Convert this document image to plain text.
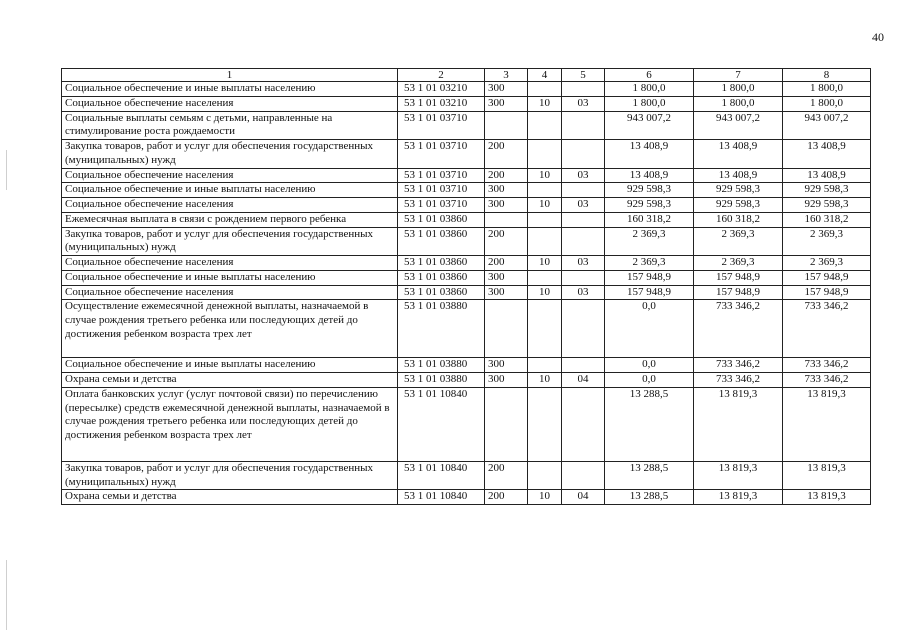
40
1	2	3	4	5	6	7	8
Социальное обеспечение и иные выплаты населению	53 1 01 03210	300			1 800,0	1 800,0	1 800,0
Социальное обеспечение населения	53 1 01 03210	300	10	03	1 800,0	1 800,0	1 800,0
Социальные выплаты семьям с детьми, направленные на стимулирование роста рождаемости	53 1 01 03710				943 007,2	943 007,2	943 007,2
Закупка товаров, работ и услуг для обеспечения государственных (муниципальных) нужд	53 1 01 03710	200			13 408,9	13 408,9	13 408,9
Социальное обеспечение населения	53 1 01 03710	200	10	03	13 408,9	13 408,9	13 408,9
Социальное обеспечение и иные выплаты населению	53 1 01 03710	300			929 598,3	929 598,3	929 598,3
Социальное обеспечение населения	53 1 01 03710	300	10	03	929 598,3	929 598,3	929 598,3
Ежемесячная выплата в связи с рождением первого ребенка	53 1 01 03860				160 318,2	160 318,2	160 318,2
Закупка товаров, работ и услуг для обеспечения государственных (муниципальных) нужд	53 1 01 03860	200			2 369,3	2 369,3	2 369,3
Социальное обеспечение населения	53 1 01 03860	200	10	03	2 369,3	2 369,3	2 369,3
Социальное обеспечение и иные выплаты населению	53 1 01 03860	300			157 948,9	157 948,9	157 948,9
Социальное обеспечение населения	53 1 01 03860	300	10	03	157 948,9	157 948,9	157 948,9
Осуществление ежемесячной денежной выплаты, назначаемой в случае рождения третьего ребенка или последующих детей до достижения ребенком возраста трех лет	53 1 01 03880				0,0	733 346,2	733 346,2
Социальное обеспечение и иные выплаты населению	53 1 01 03880	300			0,0	733 346,2	733 346,2
Охрана семьи и детства	53 1 01 03880	300	10	04	0,0	733 346,2	733 346,2
Оплата банковских услуг (услуг почтовой связи) по перечислению (пересылке) средств ежемесячной денежной выплаты, назначаемой в случае рождения третьего ребенка или последующих детей до достижения ребенком возраста трех лет	53 1 01 10840				13 288,5	13 819,3	13 819,3
Закупка товаров, работ и услуг для обеспечения государственных (муниципальных) нужд	53 1 01 10840	200			13 288,5	13 819,3	13 819,3
Охрана семьи и детства	53 1 01 10840	200	10	04	13 288,5	13 819,3	13 819,3
